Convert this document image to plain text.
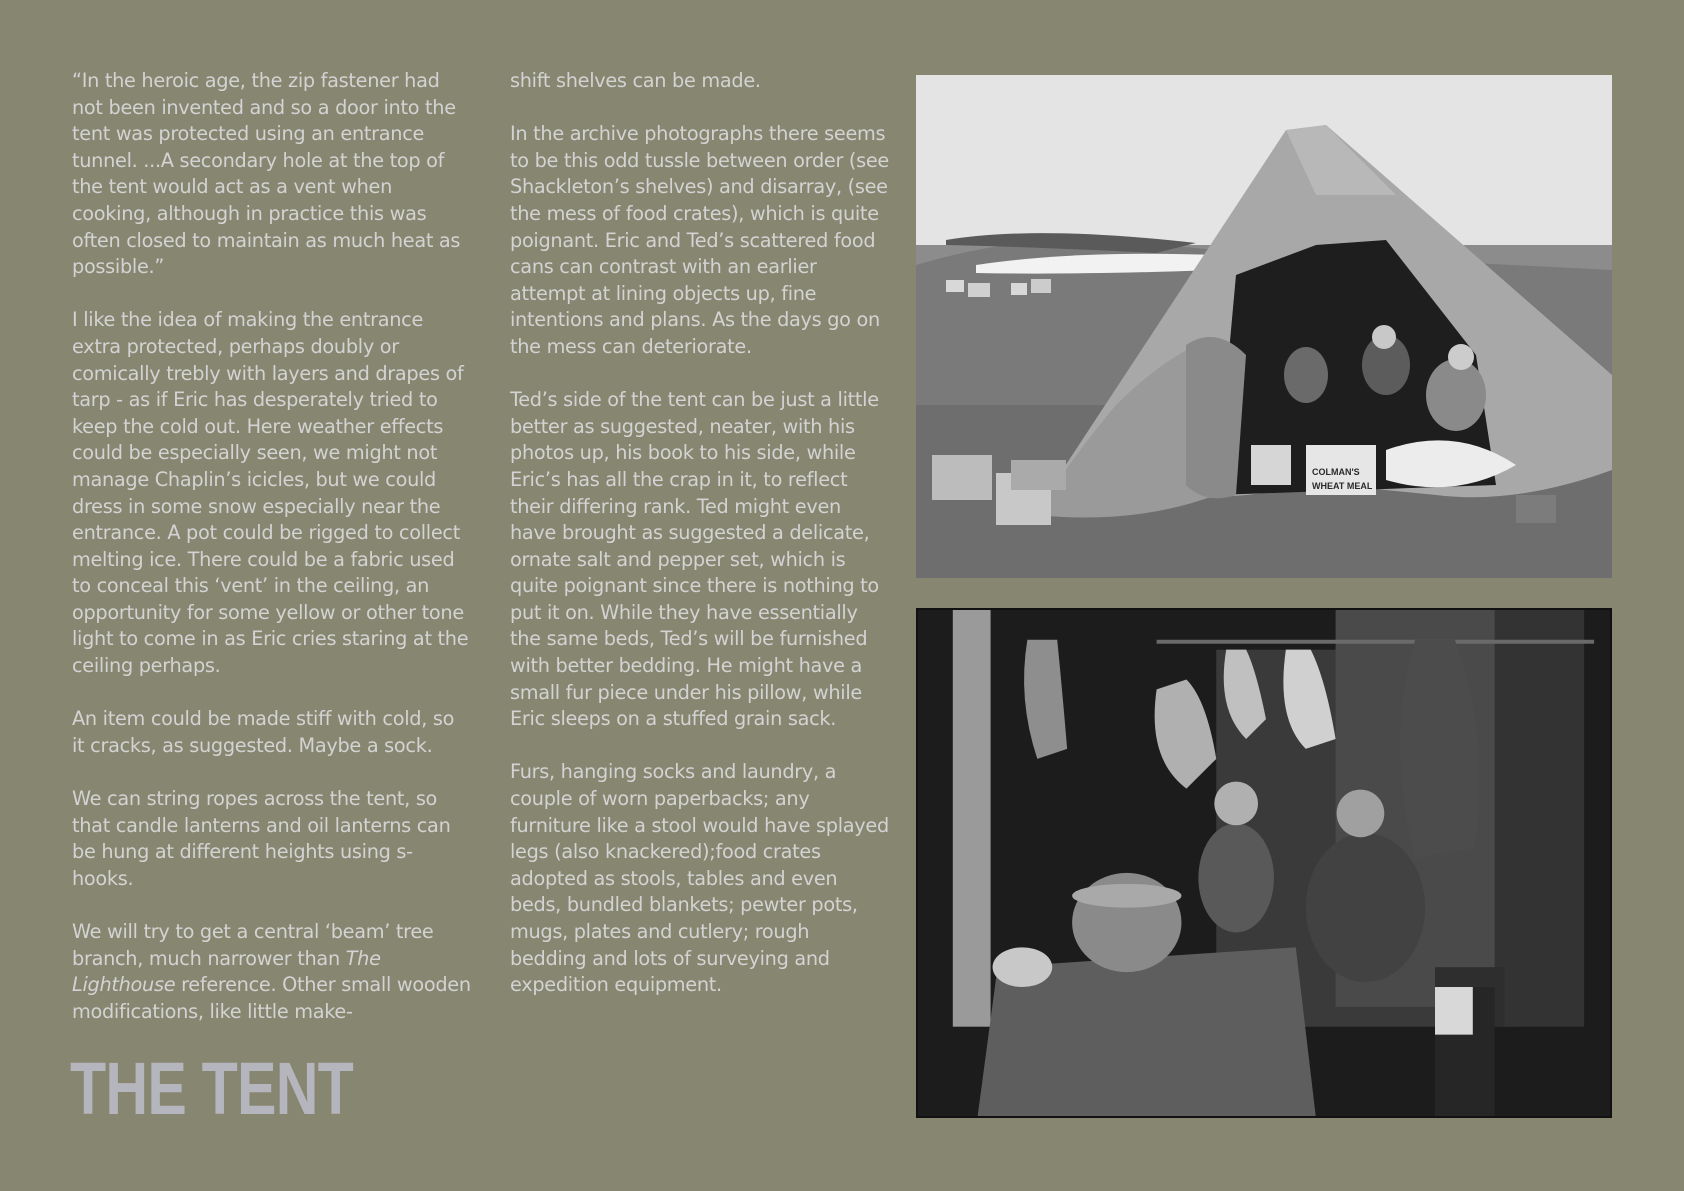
“In the heroic age, the zip fastener had not been invented and so a door into the tent was protected using an entrance tunnel. ...A secondary hole at the top of the tent would act as a vent when cooking, although in practice this was often closed to maintain as much heat as possible.”

I like the idea of making the entrance extra protected, perhaps doubly or comically trebly with layers and drapes of tarp - as if Eric has desperately tried to keep the cold out. Here weather effects could be especially seen, we might not manage Chaplin’s icicles, but we could dress in some snow especially near the entrance. A pot could be rigged to collect melting ice. There could be a fabric used to conceal this ‘vent’ in the ceiling, an opportunity for some yellow or other tone light to come in as Eric cries staring at the ceiling perhaps.

An item could be made stiff with cold, so it cracks, as suggested. Maybe a sock.

We can string ropes across the tent, so that candle lanterns and oil lanterns can be hung at different heights using s-hooks.

We will try to get a central ‘beam’ tree branch, much narrower than The Lighthouse reference. Other small wooden modifications, like little make-

shift shelves can be made.

In the archive photographs there seems to be this odd tussle between order (see Shackleton’s shelves) and disarray, (see the mess of food crates), which is quite poignant. Eric and Ted’s scattered food cans can contrast with an earlier attempt at lining objects up, fine intentions and plans. As the days go on the mess can deteriorate.

Ted’s side of the tent can be just a little better as suggested, neater, with his photos up, his book to his side, while Eric’s has all the crap in it, to reflect their differing rank. Ted might even have brought as suggested a delicate, ornate salt and pepper set, which is quite poignant since there is nothing to put it on. While they have essentially the same beds, Ted’s will be furnished with better bedding. He might have a small fur piece under his pillow, while Eric sleeps on a stuffed grain sack.

Furs, hanging socks and laundry, a couple of worn paperbacks; any furniture like a stool would have splayed legs (also knackered);food crates adopted as stools, tables and even beds, bundled blankets; pewter pots, mugs, plates and cutlery; rough bedding and lots of surveying and expedition equipment.

THE TENT
COLMAN'S
WHEAT MEAL
